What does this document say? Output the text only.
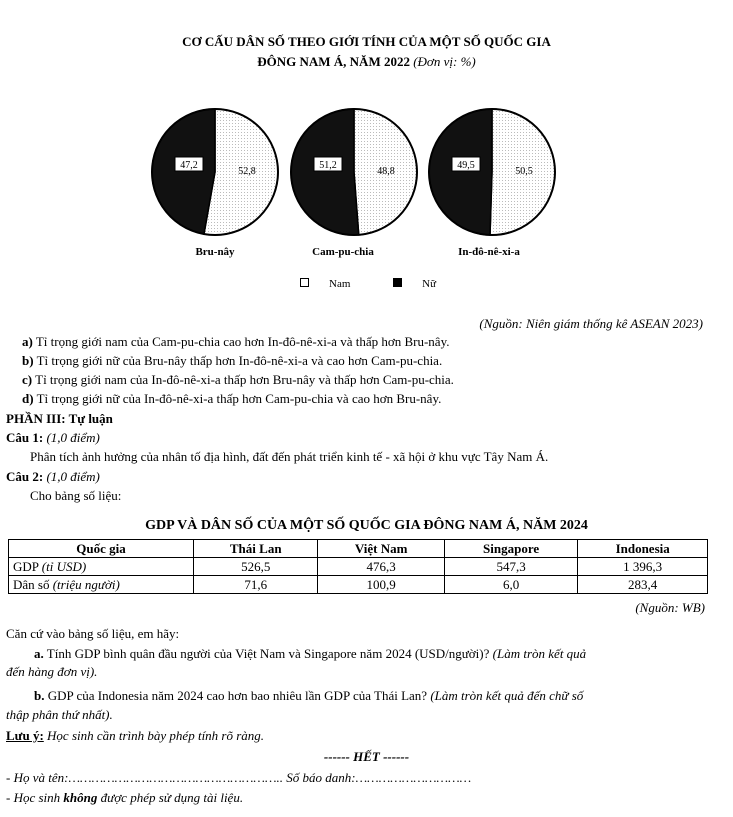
CƠ CẤU DÂN SỐ THEO GIỚI TÍNH CỦA MỘT SỐ QUỐC GIA
ĐÔNG NAM Á, NĂM 2022 (Đơn vị: %)
52,8
47,2
48,8
51,2
50,5
49,5
Bru-nây	Cam-pu-chia	In-đô-nê-xi-a
Nam	Nữ
(Nguồn: Niên giám thống kê ASEAN 2023)
a) Tỉ trọng giới nam của Cam-pu-chia cao hơn In-đô-nê-xi-a và thấp hơn Bru-nây.
b) Tỉ trọng giới nữ của Bru-nây thấp hơn In-đô-nê-xi-a và cao hơn Cam-pu-chia.
c) Tỉ trọng giới nam của In-đô-nê-xi-a thấp hơn Bru-nây và thấp hơn Cam-pu-chia.
d) Tỉ trọng giới nữ của In-đô-nê-xi-a thấp hơn Cam-pu-chia và cao hơn Bru-nây.
PHẦN III: Tự luận
Câu 1: (1,0 điểm)
Phân tích ảnh hưởng của nhân tố địa hình, đất đến phát triển kinh tế - xã hội ở khu vực Tây Nam Á.
Câu 2: (1,0 điểm)
Cho bảng số liệu:
GDP VÀ DÂN SỐ CỦA MỘT SỐ QUỐC GIA ĐÔNG NAM Á, NĂM 2024
Quốc gia	Thái Lan	Việt Nam	Singapore	Indonesia
GDP (tỉ USD)	526,5	476,3	547,3	1 396,3
Dân số (triệu người)	71,6	100,9	6,0	283,4
(Nguồn: WB)
Căn cứ vào bảng số liệu, em hãy:
a. Tính GDP bình quân đầu người của Việt Nam và Singapore năm 2024 (USD/người)? (Làm tròn kết quả
đến hàng đơn vị).
b. GDP của Indonesia năm 2024 cao hơn bao nhiêu lần GDP của Thái Lan? (Làm tròn kết quả đến chữ số
thập phân thứ nhất).
Lưu ý: Học sinh cần trình bày phép tính rõ ràng.
------ HẾT ------
- Họ và tên:……………………………………………….. Số báo danh:…………………………
- Học sinh không được phép sử dụng tài liệu.
